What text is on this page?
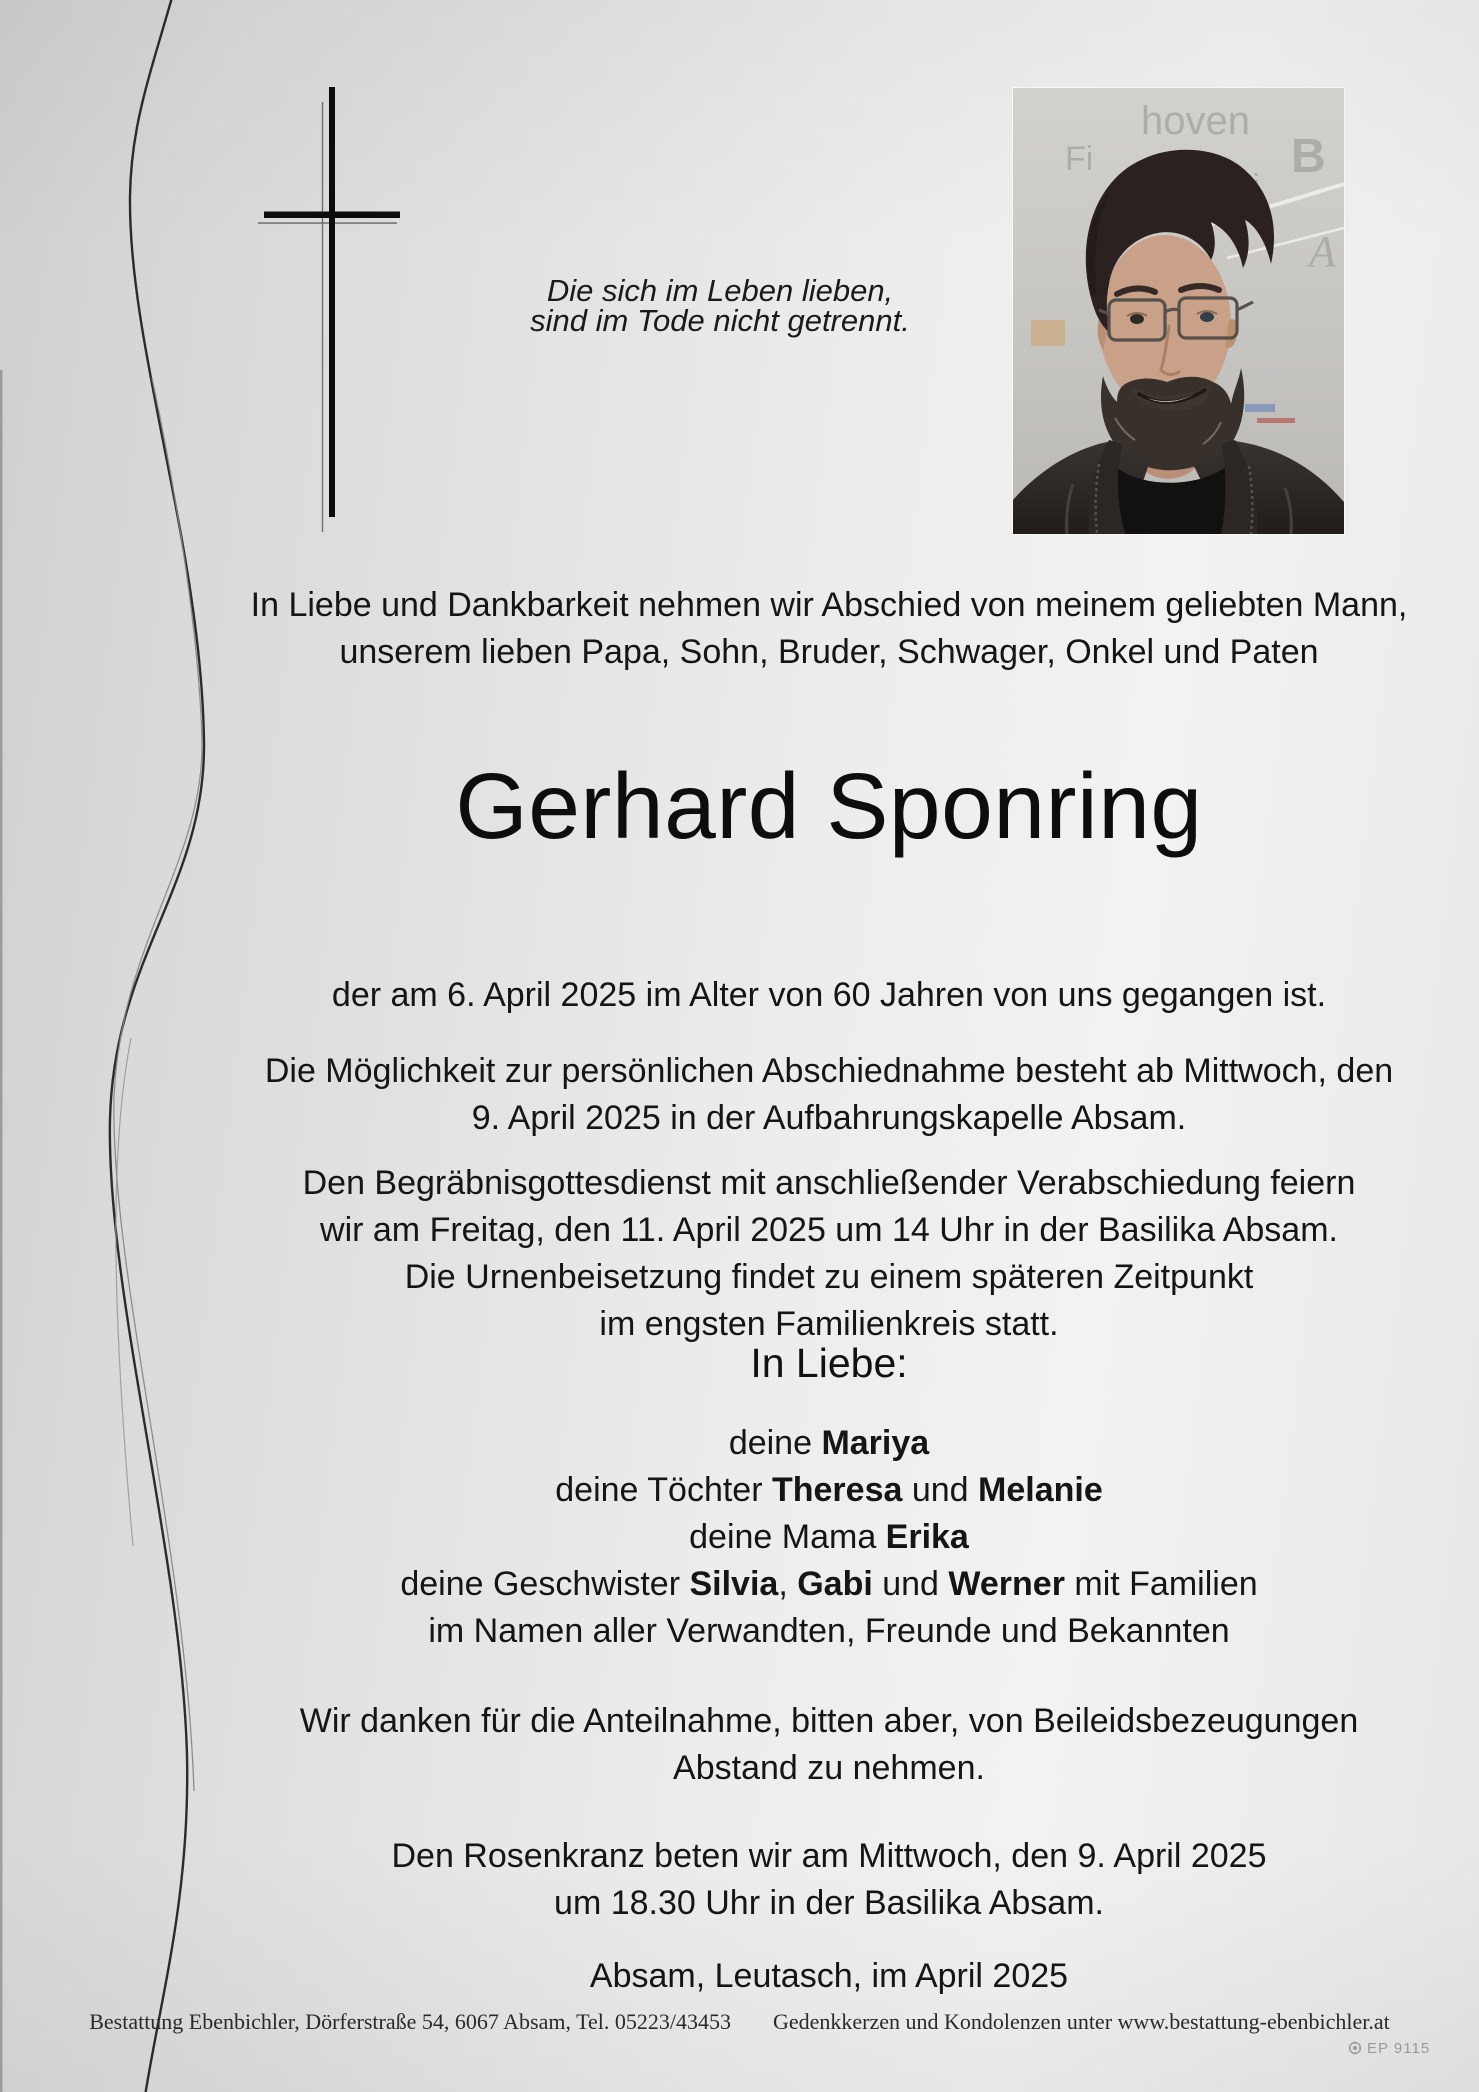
hoven
Fi	B
A
Die sich im Leben lieben,
sind im Tode nicht getrennt.
In Liebe und Dankbarkeit nehmen wir Abschied von meinem geliebten Mann,
unserem lieben Papa, Sohn, Bruder, Schwager, Onkel und Paten
Gerhard Sponring
der am 6. April 2025 im Alter von 60 Jahren von uns gegangen ist.
Die Möglichkeit zur persönlichen Abschiednahme besteht ab Mittwoch, den
9. April 2025 in der Aufbahrungskapelle Absam.
Den Begräbnisgottesdienst mit anschließender Verabschiedung feiern
wir am Freitag, den 11. April 2025 um 14 Uhr in der Basilika Absam.
Die Urnenbeisetzung findet zu einem späteren Zeitpunkt
im engsten Familienkreis statt.
In Liebe:
deine Mariya
deine Töchter Theresa und Melanie
deine Mama Erika
deine Geschwister Silvia, Gabi und Werner mit Familien
im Namen aller Verwandten, Freunde und Bekannten
Wir danken für die Anteilnahme, bitten aber, von Beileidsbezeugungen
Abstand zu nehmen.
Den Rosenkranz beten wir am Mittwoch, den 9. April 2025
um 18.30 Uhr in der Basilika Absam.
Absam, Leutasch, im April 2025
Bestattung Ebenbichler, Dörferstraße 54, 6067 Absam, Tel. 05223/43453 Gedenkkerzen und Kondolenzen unter www.bestattung-ebenbichler.at
EP 9115
